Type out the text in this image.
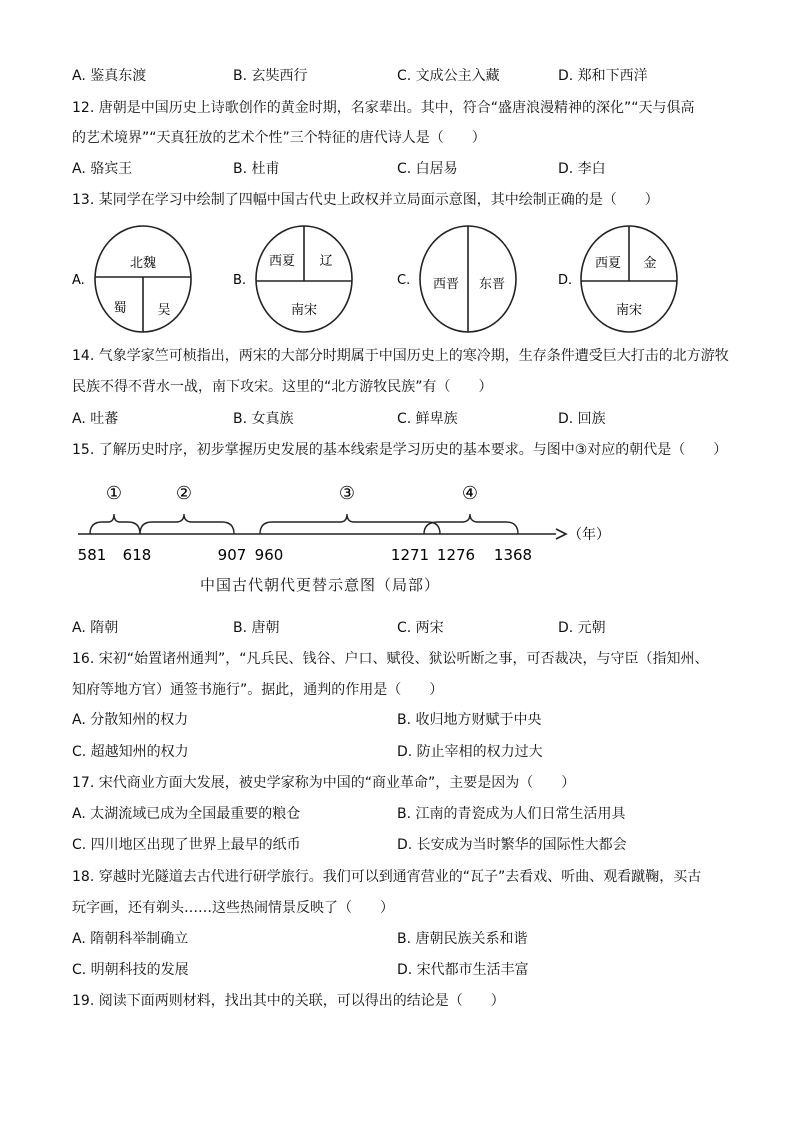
A. 鉴真东渡	B. 玄奘西行	C. 文成公主入藏	D. 郑和下西洋
12. 唐朝是中国历史上诗歌创作的黄金时期，名家辈出。其中，符合“盛唐浪漫精神的深化”“天与俱高
的艺术境界”“天真狂放的艺术个性”三个特征的唐代诗人是（　　）
A. 骆宾王	B. 杜甫	C. 白居易	D. 李白
13. 某同学在学习中绘制了四幅中国古代史上政权并立局面示意图，其中绘制正确的是（　　）
A.
北魏
蜀 吴
B.
西夏 辽
南宋
C. 西晋 东晋	D.
西夏 金
南宋
14. 气象学家竺可桢指出，两宋的大部分时期属于中国历史上的寒冷期，生存条件遭受巨大打击的北方游牧
民族不得不背水一战，南下攻宋。这里的“北方游牧民族”有（　　）
A. 吐蕃	B. 女真族	C. 鲜卑族	D. 回族
15. 了解历史时序，初步掌握历史发展的基本线索是学习历史的基本要求。与图中③对应的朝代是（　　）
①	②	③	④
（年）
581 618	907 960	1271 1276 1368
中国古代朝代更替示意图（局部）
A. 隋朝	B. 唐朝	C. 两宋	D. 元朝
16. 宋初“始置诸州通判”，“凡兵民、钱谷、户口、赋役、狱讼听断之事，可否裁决，与守臣（指知州、
知府等地方官）通签书施行”。据此，通判的作用是（　　）
A. 分散知州的权力	B. 收归地方财赋于中央
C. 超越知州的权力	D. 防止宰相的权力过大
17. 宋代商业方面大发展，被史学家称为中国的“商业革命”，主要是因为（　　）
A. 太湖流域已成为全国最重要的粮仓	B. 江南的青瓷成为人们日常生活用具
C. 四川地区出现了世界上最早的纸币	D. 长安成为当时繁华的国际性大都会
18. 穿越时光隧道去古代进行研学旅行。我们可以到通宵营业的“瓦子”去看戏、听曲、观看蹴鞠，买古
玩字画，还有剃头……这些热闹情景反映了（　　）
A. 隋朝科举制确立	B. 唐朝民族关系和谐
C. 明朝科技的发展	D. 宋代都市生活丰富
19. 阅读下面两则材料，找出其中的关联，可以得出的结论是（　　）
